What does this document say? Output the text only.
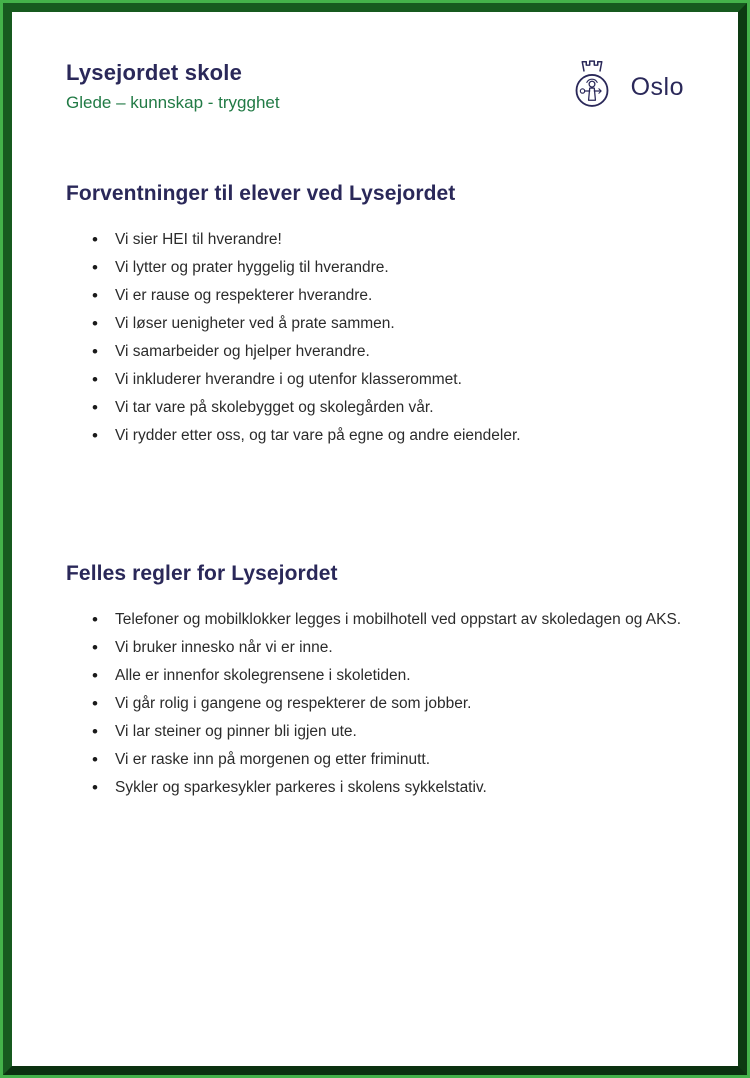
Lysejordet skole
Glede – kunnskap - trygghet
Oslo
Forventninger til elever ved Lysejordet
• Vi sier HEI til hverandre!
• Vi lytter og prater hyggelig til hverandre.
• Vi er rause og respekterer hverandre.
• Vi løser uenigheter ved å prate sammen.
• Vi samarbeider og hjelper hverandre.
• Vi inkluderer hverandre i og utenfor klasserommet.
• Vi tar vare på skolebygget og skolegården vår.
• Vi rydder etter oss, og tar vare på egne og andre eiendeler.
Felles regler for Lysejordet
• Telefoner og mobilklokker legges i mobilhotell ved oppstart av skoledagen og AKS.
• Vi bruker innesko når vi er inne.
• Alle er innenfor skolegrensene i skoletiden.
• Vi går rolig i gangene og respekterer de som jobber.
• Vi lar steiner og pinner bli igjen ute.
• Vi er raske inn på morgenen og etter friminutt.
• Sykler og sparkesykler parkeres i skolens sykkelstativ.
